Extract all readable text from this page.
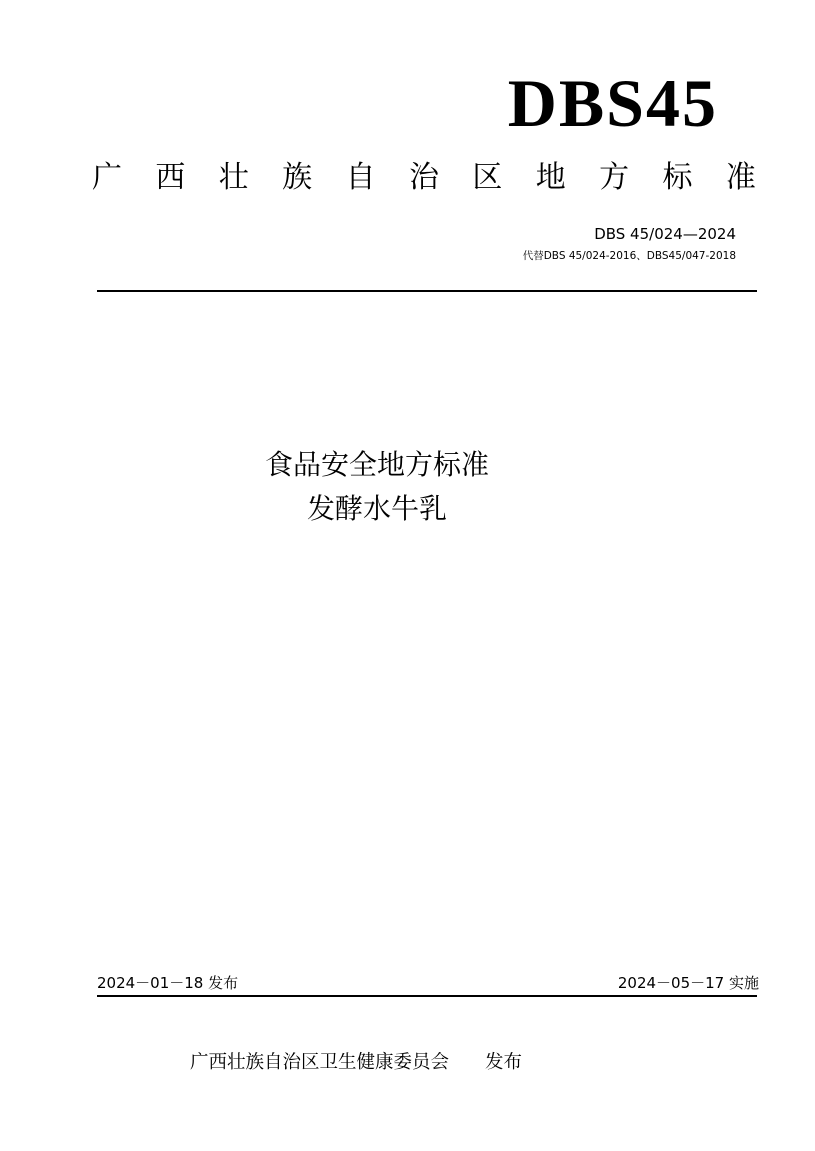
DBS45
广 西 壮 族 自 治 区 地 方 标 准
DBS 45/024—2024
代替DBS 45/024-2016、DBS45/047-2018
食品安全地方标准
发酵水牛乳
2024－01－18 发布	2024－05－17 实施
广西壮族自治区卫生健康委员会 发布
